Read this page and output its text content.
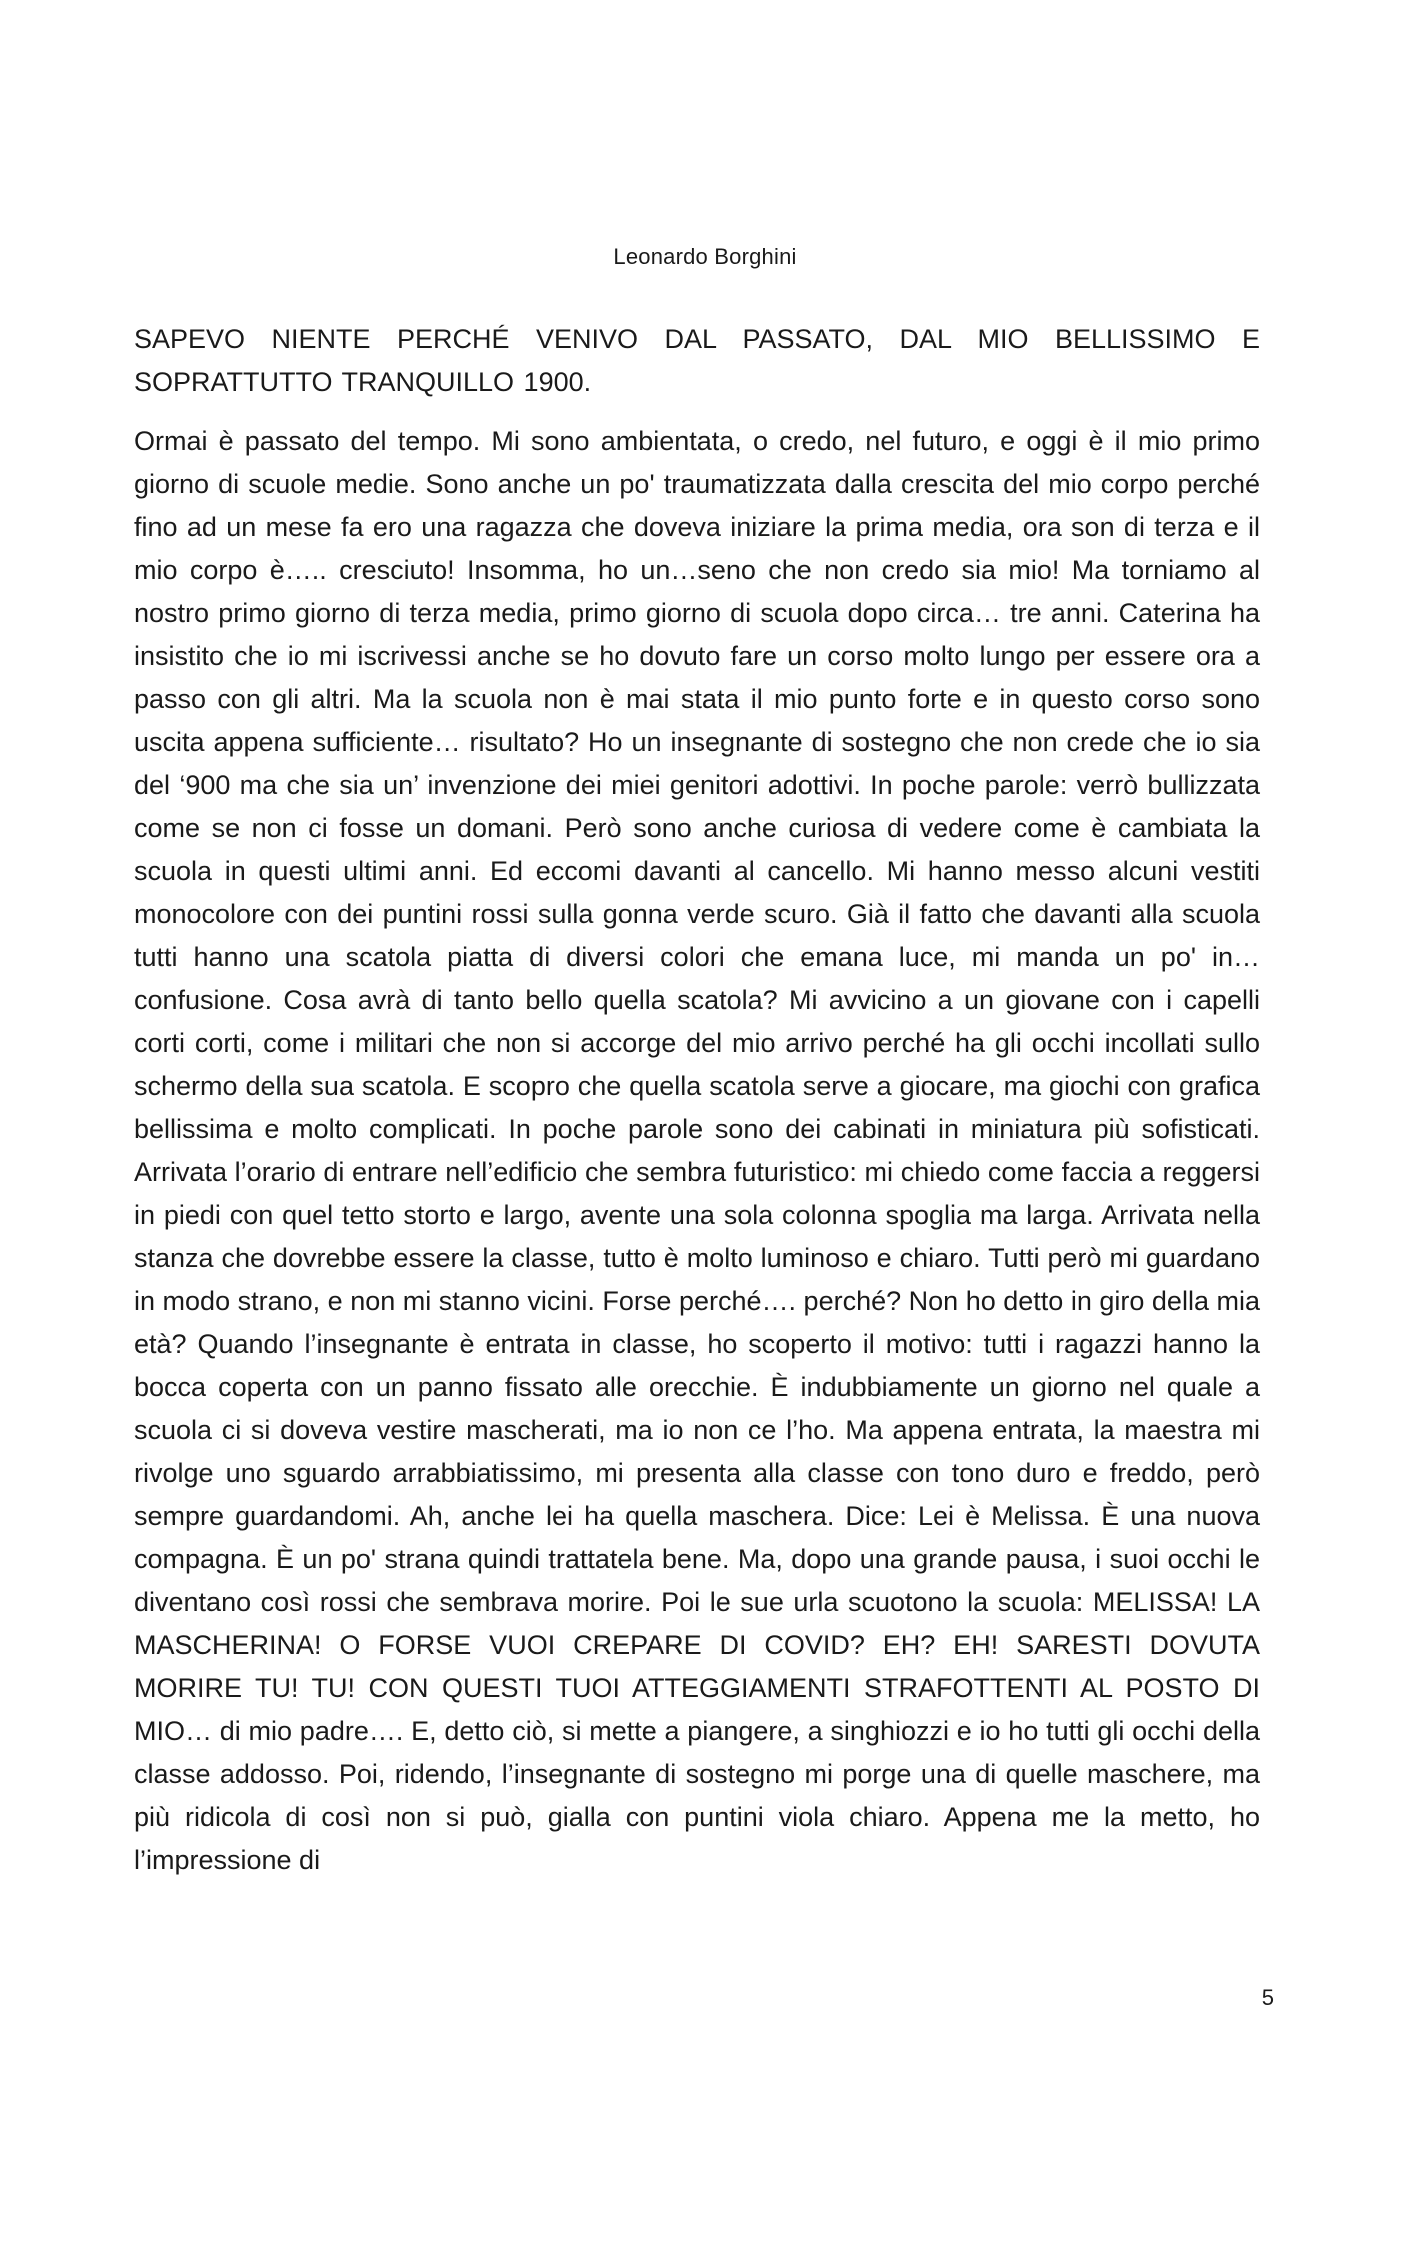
Leonardo Borghini

SAPEVO NIENTE PERCHÉ VENIVO DAL PASSATO, DAL MIO BELLISSIMO E SOPRATTUTTO TRANQUILLO 1900.

Ormai è passato del tempo. Mi sono ambientata, o credo, nel futuro, e oggi è il mio primo giorno di scuole medie. Sono anche un po' traumatizzata dalla crescita del mio corpo perché fino ad un mese fa ero una ragazza che doveva iniziare la prima media, ora son di terza e il mio corpo è….. cresciuto! Insomma, ho un…seno che non credo sia mio! Ma torniamo al nostro primo giorno di terza media, primo giorno di scuola dopo circa… tre anni. Caterina ha insistito che io mi iscrivessi anche se ho dovuto fare un corso molto lungo per essere ora a passo con gli altri. Ma la scuola non è mai stata il mio punto forte e in questo corso sono uscita appena sufficiente… risultato? Ho un insegnante di sostegno che non crede che io sia del ‘900 ma che sia un’ invenzione dei miei genitori adottivi. In poche parole: verrò bullizzata come se non ci fosse un domani. Però sono anche curiosa di vedere come è cambiata la scuola in questi ultimi anni. Ed eccomi davanti al cancello. Mi hanno messo alcuni vestiti monocolore con dei puntini rossi sulla gonna verde scuro. Già il fatto che davanti alla scuola tutti hanno una scatola piatta di diversi colori che emana luce, mi manda un po' in… confusione. Cosa avrà di tanto bello quella scatola? Mi avvicino a un giovane con i capelli corti corti, come i militari che non si accorge del mio arrivo perché ha gli occhi incollati sullo schermo della sua scatola. E scopro che quella scatola serve a giocare, ma giochi con grafica bellissima e molto complicati. In poche parole sono dei cabinati in miniatura più sofisticati. Arrivata l’orario di entrare nell’edificio che sembra futuristico: mi chiedo come faccia a reggersi in piedi con quel tetto storto e largo, avente una sola colonna spoglia ma larga. Arrivata nella stanza che dovrebbe essere la classe, tutto è molto luminoso e chiaro. Tutti però mi guardano in modo strano, e non mi stanno vicini. Forse perché…. perché? Non ho detto in giro della mia età? Quando l’insegnante è entrata in classe, ho scoperto il motivo: tutti i ragazzi hanno la bocca coperta con un panno fissato alle orecchie. È indubbiamente un giorno nel quale a scuola ci si doveva vestire mascherati, ma io non ce l’ho. Ma appena entrata, la maestra mi rivolge uno sguardo arrabbiatissimo, mi presenta alla classe con tono duro e freddo, però sempre guardandomi. Ah, anche lei ha quella maschera. Dice: Lei è Melissa. È una nuova compagna. È un po' strana quindi trattatela bene. Ma, dopo una grande pausa, i suoi occhi le diventano così rossi che sembrava morire. Poi le sue urla scuotono la scuola: MELISSA! LA MASCHERINA! O FORSE VUOI CREPARE DI COVID? EH? EH! SARESTI DOVUTA MORIRE TU! TU! CON QUESTI TUOI ATTEGGIAMENTI STRAFOTTENTI AL POSTO DI MIO… di mio padre…. E, detto ciò, si mette a piangere, a singhiozzi e io ho tutti gli occhi della classe addosso. Poi, ridendo, l’insegnante di sostegno mi porge una di quelle maschere, ma più ridicola di così non si può, gialla con puntini viola chiaro. Appena me la metto, ho l’impressione di

5
